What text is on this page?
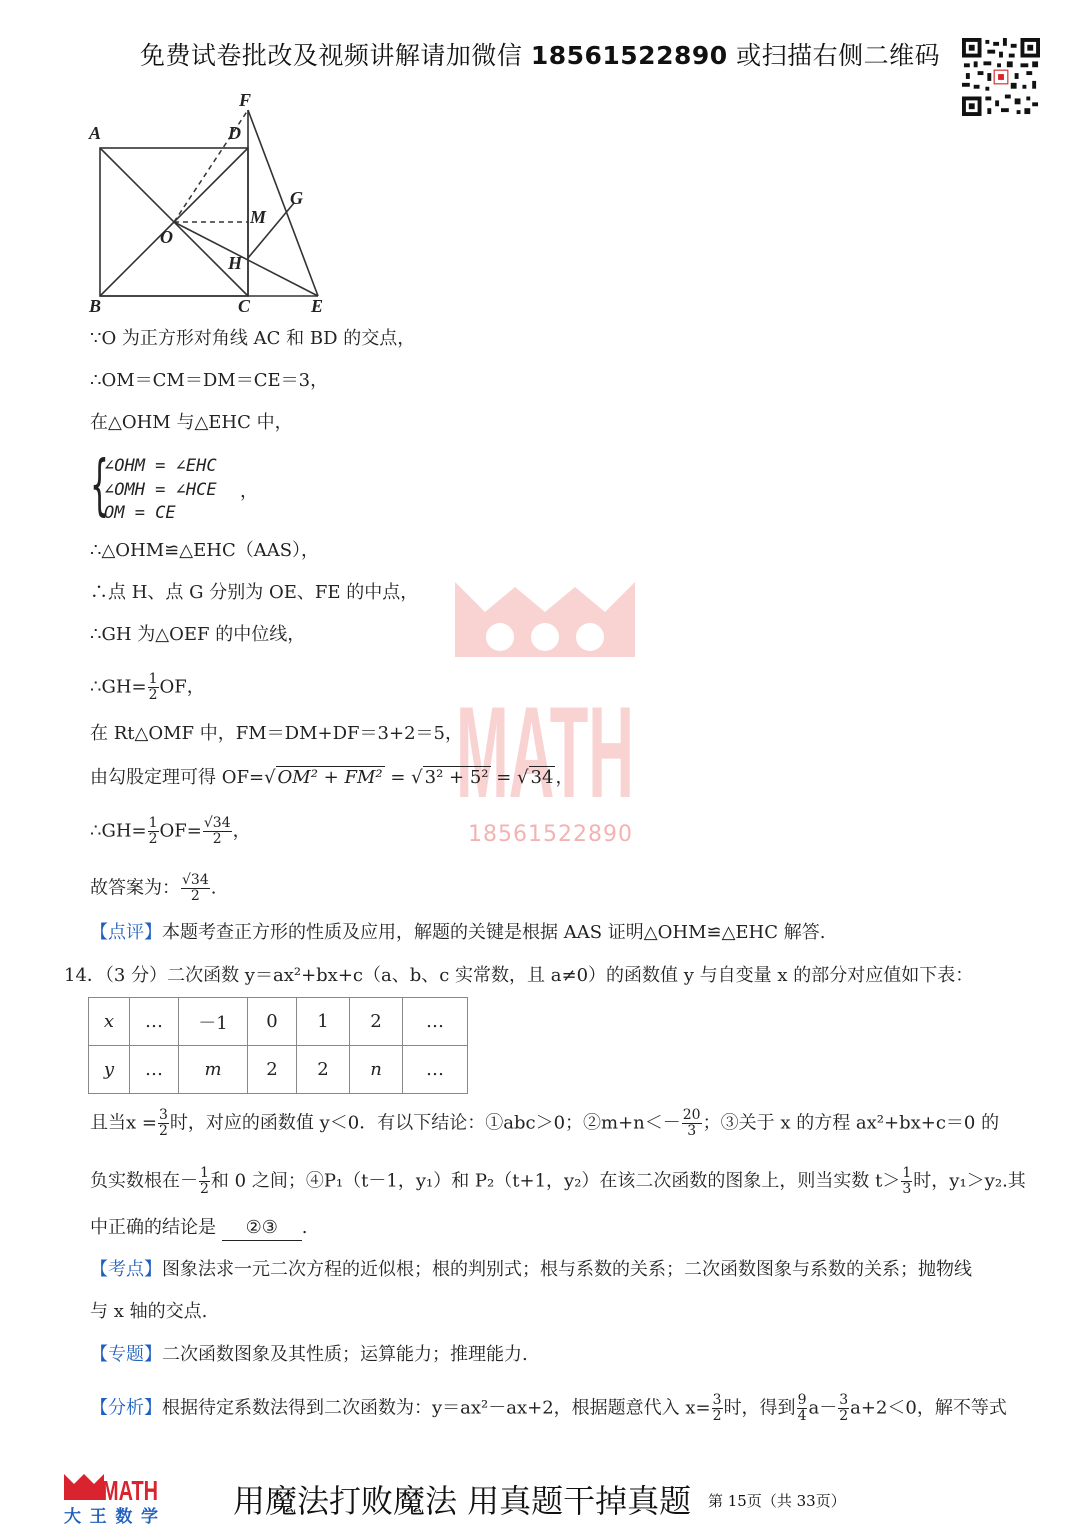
免费试卷批改及视频讲解请加微信 18561522890 或扫描右侧二维码
A	D
F
G
M
O
H
B	C	E
MATH
18561522890
∵O 为正方形对角线 AC 和 BD 的交点，
∴OM＝CM＝DM＝CE＝3，
在△OHM 与△EHC 中，
{
∠OHM = ∠EHC
∠OMH = ∠HCE
OM = CE
，
∴△OHM≌△EHC（AAS），
∴点 H、点 G 分别为 OE、FE 的中点，
∴GH 为△OEF 的中位线，
∴GH= $\frac{1}{2}$ OF，
在 Rt△OMF 中，FM＝DM+DF＝3+2＝5，
由勾股定理可得 OF=√ OM² + FM² = √ 3² + 5² = √ 34 ，
∴GH= $\frac{1}{2} OF= \frac{√34}{2}$ ，
故答案为： $\frac{√34}{2}$ .
【点评】本题考查正方形的性质及应用，解题的关键是根据 AAS 证明△OHM≌△EHC 解答.
14．（3 分）二次函数 y＝ax²+bx+c（a、b、c 实常数，且 a≠0）的函数值 y 与自变量 x 的部分对应值如下表：
x	…	－1	0	1	2	…
y	…	m	2	2	n	…
且当$x = \frac{3}{2}$ 时，对应的函数值 y＜0．有以下结论：①abc＞0；②m+n＜－ $\frac{20}{3}$ ；③关于 x 的方程 ax²+bx+c＝0 的
负实数根在－ $\frac{1}{2}$ 和 0 之间；④P₁（t－1，y₁）和 P₂（t+1，y₂）在该二次函数的图象上，则当实数 $t> \frac{1}{3}$ 时，y₁＞y₂.其
中正确的结论是 ②③ .
【考点】图象法求一元二次方程的近似根；根的判别式；根与系数的关系；二次函数图象与系数的关系；抛物线
与 x 轴的交点.
【专题】二次函数图象及其性质；运算能力；推理能力.
【分析】根据待定系数法得到二次函数为：y＝ax²－ax+2，根据题意代入 $x= \frac{3}{2}$ 时，得到 $\frac{9}{4} a- \frac{3}{2} a+2<0$，解不等式
MATH
大王数学 用魔法打败魔法 用真题干掉真题 第 15页（共 33页）
